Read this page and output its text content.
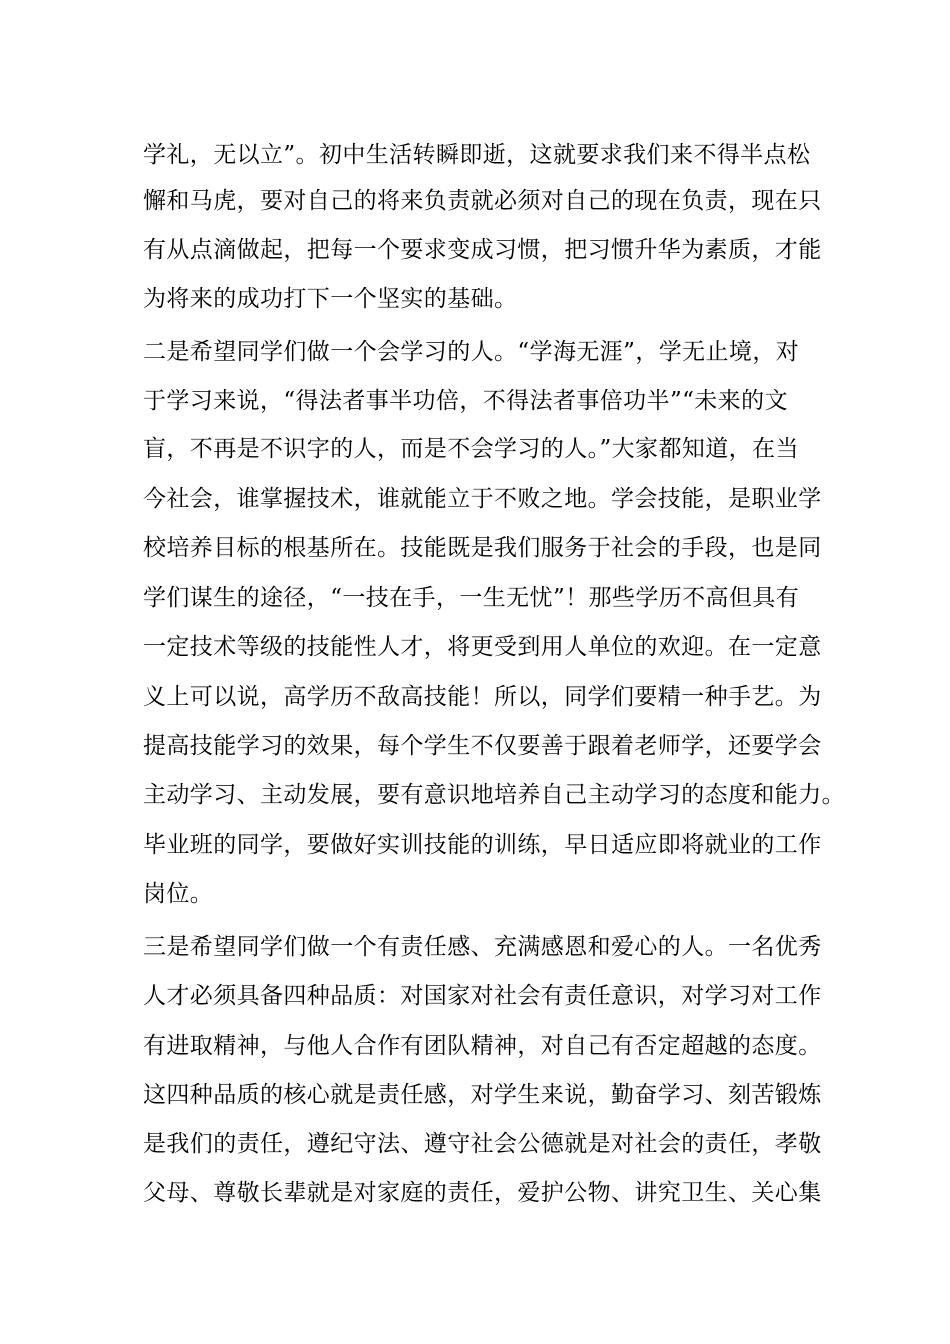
学礼，无以立”。初中生活转瞬即逝，这就要求我们来不得半点松
懈和马虎，要对自己的将来负责就必须对自己的现在负责，现在只
有从点滴做起，把每一个要求变成习惯，把习惯升华为素质，才能
为将来的成功打下一个坚实的基础。
二是希望同学们做一个会学习的人。“学海无涯”，学无止境，对
于学习来说，“得法者事半功倍，不得法者事倍功半”“未来的文
盲，不再是不识字的人，而是不会学习的人。”大家都知道，在当
今社会，谁掌握技术，谁就能立于不败之地。学会技能，是职业学
校培养目标的根基所在。技能既是我们服务于社会的手段，也是同
学们谋生的途径，“一技在手，一生无忧”！那些学历不高但具有
一定技术等级的技能性人才，将更受到用人单位的欢迎。在一定意
义上可以说，高学历不敌高技能！所以，同学们要精一种手艺。为
提高技能学习的效果，每个学生不仅要善于跟着老师学，还要学会
主动学习、主动发展，要有意识地培养自己主动学习的态度和能力。
毕业班的同学，要做好实训技能的训练，早日适应即将就业的工作
岗位。
三是希望同学们做一个有责任感、充满感恩和爱心的人。一名优秀
人才必须具备四种品质：对国家对社会有责任意识，对学习对工作
有进取精神，与他人合作有团队精神，对自己有否定超越的态度。
这四种品质的核心就是责任感，对学生来说，勤奋学习、刻苦锻炼
是我们的责任，遵纪守法、遵守社会公德就是对社会的责任，孝敬
父母、尊敬长辈就是对家庭的责任，爱护公物、讲究卫生、关心集
